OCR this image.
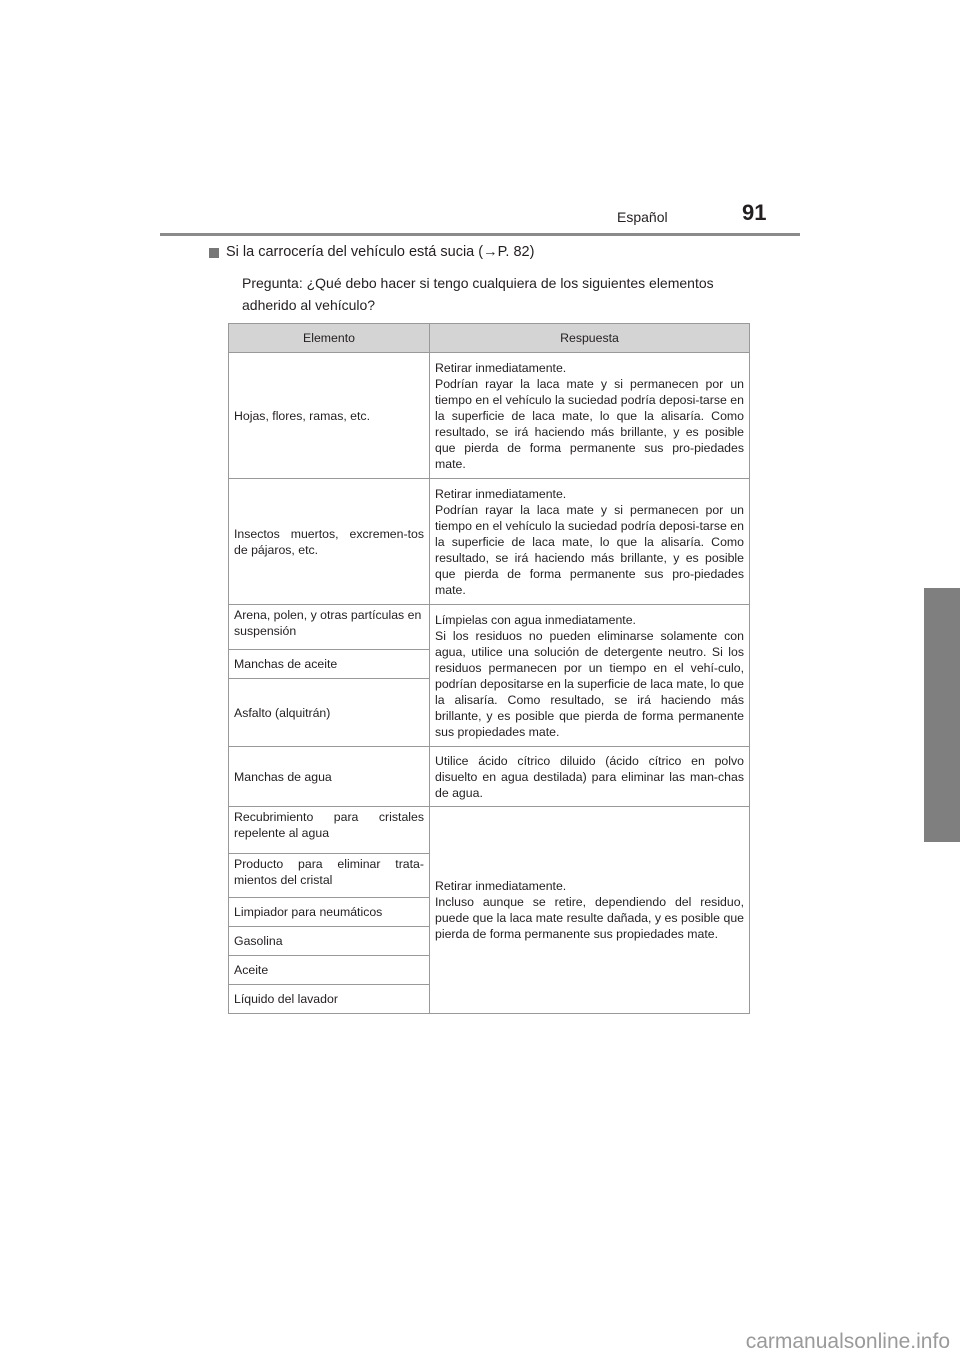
Español	91
Si la carrocería del vehículo está sucia (→P. 82)
Pregunta: ¿Qué debo hacer si tengo cualquiera de los siguientes elementos adherido al vehículo?
Elemento	Respuesta
Hojas, flores, ramas, etc.	Retirar inmediatamente.
Podrían rayar la laca mate y si permanecen por un tiempo en el vehículo la suciedad podría deposi-tarse en la superficie de laca mate, lo que la alisaría. Como resultado, se irá haciendo más brillante, y es posible que pierda de forma permanente sus pro-piedades mate.
Insectos muertos, excremen-tos de pájaros, etc.	Retirar inmediatamente.
Podrían rayar la laca mate y si permanecen por un tiempo en el vehículo la suciedad podría deposi-tarse en la superficie de laca mate, lo que la alisaría. Como resultado, se irá haciendo más brillante, y es posible que pierda de forma permanente sus pro-piedades mate.
Arena, polen, y otras partículas en suspensión	Límpielas con agua inmediatamente.
Si los residuos no pueden eliminarse solamente con agua, utilice una solución de detergente neutro. Si los residuos permanecen por un tiempo en el vehí-culo, podrían depositarse en la superficie de laca mate, lo que la alisaría. Como resultado, se irá haciendo más brillante, y es posible que pierda de forma permanente sus propiedades mate.
Manchas de aceite	
Asfalto (alquitrán)	
Manchas de agua	Utilice ácido cítrico diluido (ácido cítrico en polvo disuelto en agua destilada) para eliminar las man-chas de agua.
Recubrimiento para cristales repelente al agua	Retirar inmediatamente.
Incluso aunque se retire, dependiendo del residuo, puede que la laca mate resulte dañada, y es posible que pierda de forma permanente sus propiedades mate.
Producto para eliminar trata-mientos del cristal	
Limpiador para neumáticos	
Gasolina	
Aceite	
Líquido del lavador	
carmanualsonline.info
